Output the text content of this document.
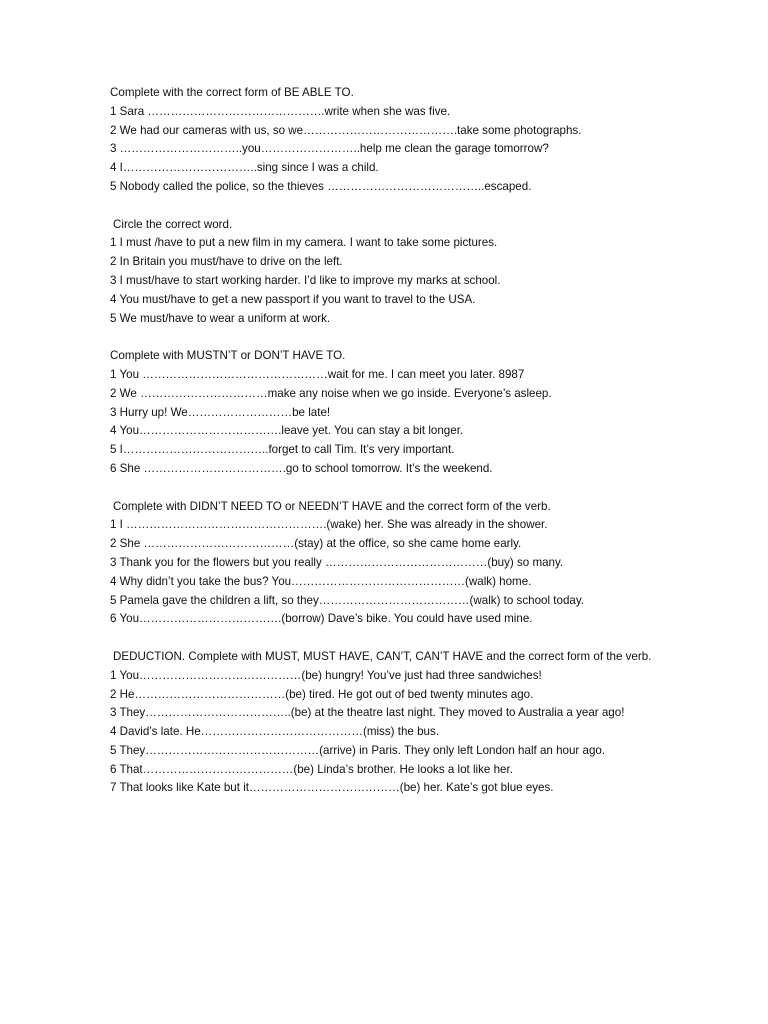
Complete with the correct form of BE ABLE TO.
1 Sara ……………………………………….write when she was five.
2 We had our cameras with us, so we………………………………….take some photographs.
3 …………………………..you……………………..help me clean the garage tomorrow?
4 I……………………………..sing since I was a child.
5 Nobody called the police, so the thieves …………………………………..escaped.
Circle the correct word.
1 I must /have to put a new film in my camera. I want to take some pictures.
2 In Britain you must/have to drive on the left.
3 I must/have to start working harder. I’d like to improve my marks at school.
4 You must/have to get a new passport if you want to travel to the USA.
5 We must/have to wear a uniform at work.
Complete with MUSTN’T or DON’T HAVE TO.
1 You …………………………………………wait for me. I can meet you later. 8987
2 We ……………………………make any noise when we go inside. Everyone’s asleep.
3 Hurry up! We………………………be late!
4 You……………………………….leave yet. You can stay a bit longer.
5 I………………………………..forget to call Tim. It’s very important.
6 She ……………………………….go to school tomorrow. It’s the weekend.
Complete with DIDN’T NEED TO or NEEDN’T HAVE and the correct form of the verb.
1 I …………………………………………….(wake) her. She was already in the shower.
2 She …………………………………(stay) at the office, so she came home early.
3 Thank you for the flowers but you really ……………………………………(buy) so many.
4 Why didn’t you take the bus? You………………………………………(walk) home.
5 Pamela gave the children a lift, so they…………………………………(walk) to school today.
6 You……………………………….(borrow) Dave’s bike. You could have used mine.
DEDUCTION. Complete with MUST, MUST HAVE, CAN’T, CAN’T HAVE and the correct form of the verb.
1 You……………………………………(be) hungry! You’ve just had three sandwiches!
2 He…………………………………(be) tired. He got out of bed twenty minutes ago.
3 They………………………………..(be) at the theatre last night. They moved to Australia a year ago!
4 David’s late. He……………………………………(miss) the bus.
5 They………………………………………(arrive) in Paris. They only left London half an hour ago.
6 That…………………………………(be) Linda’s brother. He looks a lot like her.
7 That looks like Kate but it…………………………………(be) her. Kate’s got blue eyes.
